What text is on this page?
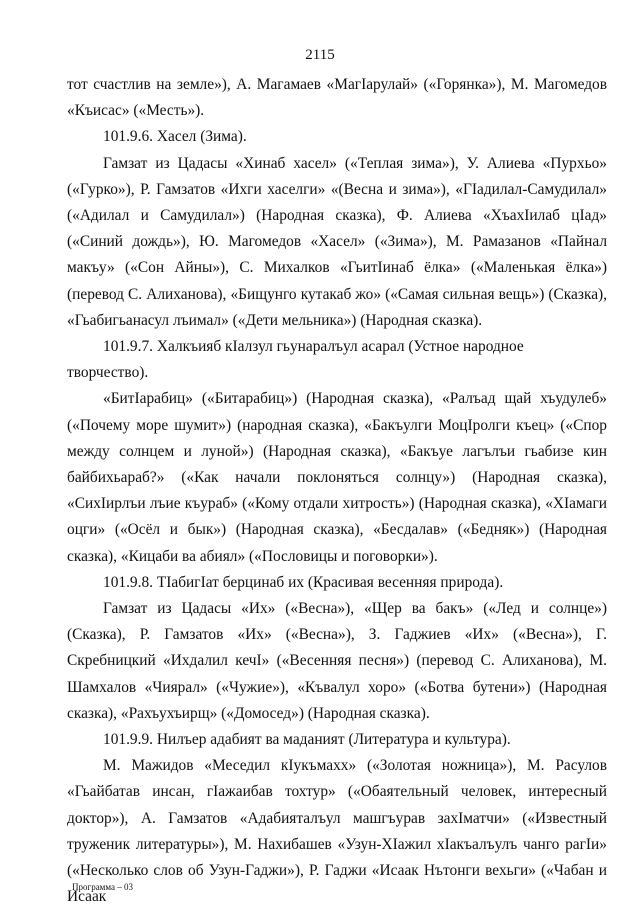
2115

тот счастлив на земле»), А. Магамаев «МагІарулай» («Горянка»), М. Магомедов «Къисас» («Месть»).

101.9.6. Хасел (Зима).

Гамзат из Цадасы «Хинаб хасел» («Теплая зима»), У. Алиева «Пурхьо» («Гурко»), Р. Гамзатов «Ихги хаселги» «(Весна и зима»), «ГІадилал-Самудилал» («Адилал и Самудилал») (Народная сказка), Ф. Алиева «ХъахІилаб цІад» («Синий дождь»), Ю. Магомедов «Хасел» («Зима»), М. Рамазанов «Пайнал макъу» («Сон Айны»), С. Михалков «ГьитІинаб ёлка» («Маленькая ёлка») (перевод С. Алиханова), «Бищунго кутакаб жо» («Самая сильная вещь») (Сказка), «Гьабигьанасул лъимал» («Дети мельника») (Народная сказка).

101.9.7. Халкъияб кІалзул гьунаралъул асарал (Устное народное творчество).

«БитІарабиц» («Битарабиц») (Народная сказка), «Ралъад щай хъудулеб» («Почему море шумит») (народная сказка), «Бакъулги МоцІролги къец» («Спор между солнцем и луной») (Народная сказка), «Бакъуе лагълъи гьабизе кин байбихьараб?» («Как начали поклоняться солнцу») (Народная сказка), «СихІирлъи лъие къураб» («Кому отдали хитрость») (Народная сказка), «ХІамаги оцги» («Осёл и бык») (Народная сказка), «Бесдалав» («Бедняк») (Народная сказка), «Кицаби ва абиял» («Пословицы и поговорки»).

101.9.8. ТІабигІат берцинаб их (Красивая весенняя природа).

Гамзат из Цадасы «Их» («Весна»), «Щер ва бакъ» («Лед и солнце») (Сказка), Р. Гамзатов «Их» («Весна»), З. Гаджиев «Их» («Весна»), Г. Скребницкий «Ихдалил кечІ» («Весенняя песня») (перевод С. Алиханова), М. Шамхалов «Чиярал» («Чужие»), «Къвалул хоро» («Ботва бутени») (Народная сказка), «Рахъухъирщ» («Домосед») (Народная сказка).

101.9.9. Нилъер адабият ва маданият (Литература и культура).

М. Мажидов «Меседил кІукъмахх» («Золотая ножница»), М. Расулов «Гьайбатав инсан, гІажаибав тохтур» («Обаятельный человек, интересный доктор»), А. Гамзатов «Адабияталъул машгъурав захІматчи» («Известный труженик литературы»), М. Нахибашев «Узун-ХІажил хІакъалъулъ чанго рагІи» («Несколько слов об Узун-Гаджи»), Р. Гаджи «Исаак Нътонги вехьги» («Чабан и Исаак

Программа – 03
